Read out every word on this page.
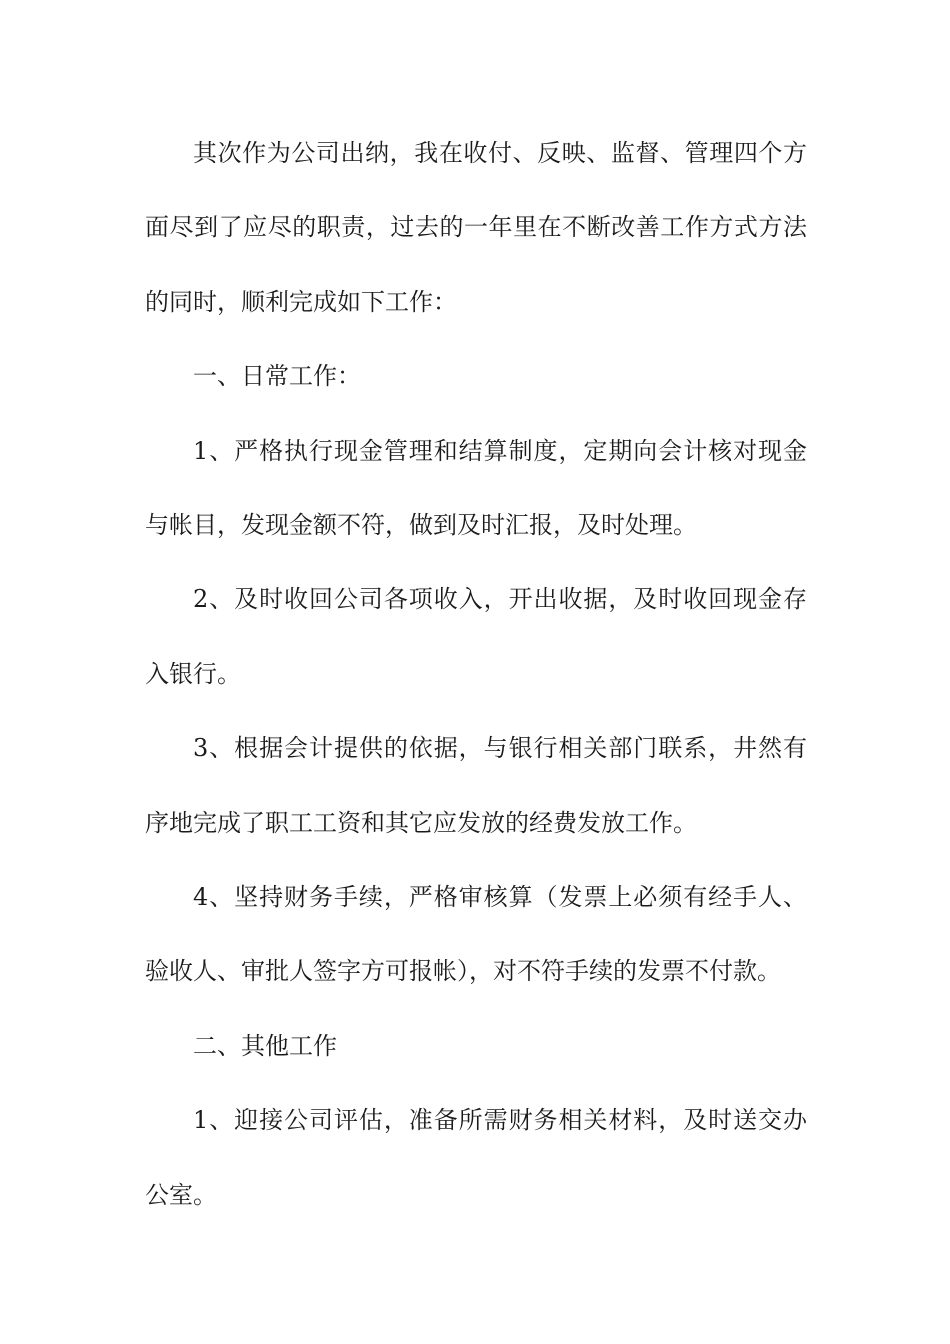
其次作为公司出纳，我在收付、反映、监督、管理四个方面尽到了应尽的职责，过去的一年里在不断改善工作方式方法的同时，顺利完成如下工作：

一、日常工作：

1、严格执行现金管理和结算制度，定期向会计核对现金与帐目，发现金额不符，做到及时汇报，及时处理。

2、及时收回公司各项收入，开出收据，及时收回现金存入银行。

3、根据会计提供的依据，与银行相关部门联系，井然有序地完成了职工工资和其它应发放的经费发放工作。

4、坚持财务手续，严格审核算（发票上必须有经手人、验收人、审批人签字方可报帐），对不符手续的发票不付款。

二、其他工作

1、迎接公司评估，准备所需财务相关材料，及时送交办公室。
